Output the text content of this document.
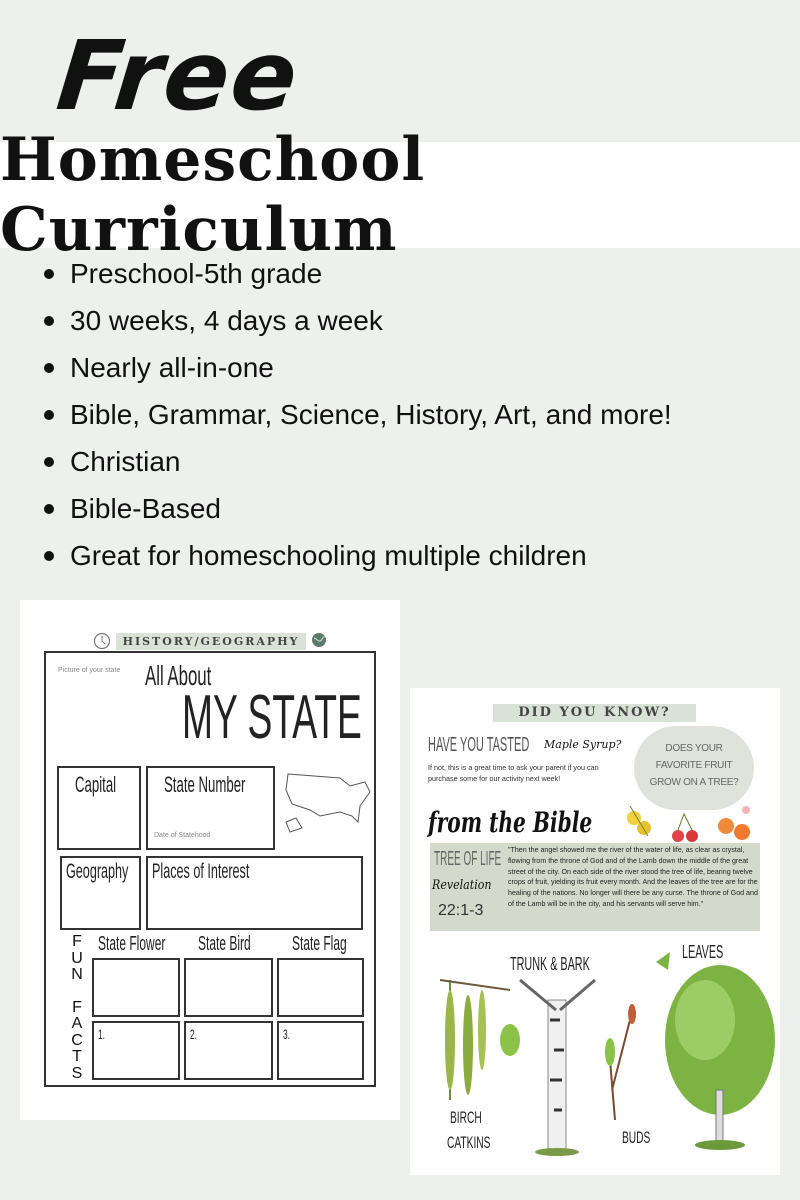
Free
Homeschool Curriculum
Preschool-5th grade
30 weeks, 4 days a week
Nearly all-in-one
Bible, Grammar, Science, History, Art, and more!
Christian
Bible-Based
Great for homeschooling multiple children
HISTORY/GEOGRAPHY
Picture of your state All About
MY STATE
Capital State Number
Date of Statehood
Geography Places of Interest
F
U
N
F
A
C
T
S
State Flower State Bird State Flag
1.	2.	3.
DID YOU KNOW?
HAVE YOU TASTED Maple Syrup?
If not, this is a great time to ask your parent if you can purchase some for our activity next week!
DOES YOUR FAVORITE FRUIT GROW ON A TREE?
from the Bible
TREE OF LIFE
Revelation
22:1-3
"Then the angel showed me the river of the water of life, as clear as crystal, flowing from the throne of God and of the Lamb down the middle of the great street of the city. On each side of the river stood the tree of life, bearing twelve crops of fruit, yielding its fruit every month. And the leaves of the tree are for the healing of the nations. No longer will there be any curse. The throne of God and of the Lamb will be in the city, and his servants will serve him."
TRUNK & BARK
LEAVES
BIRCH
CATKINS	BUDS
